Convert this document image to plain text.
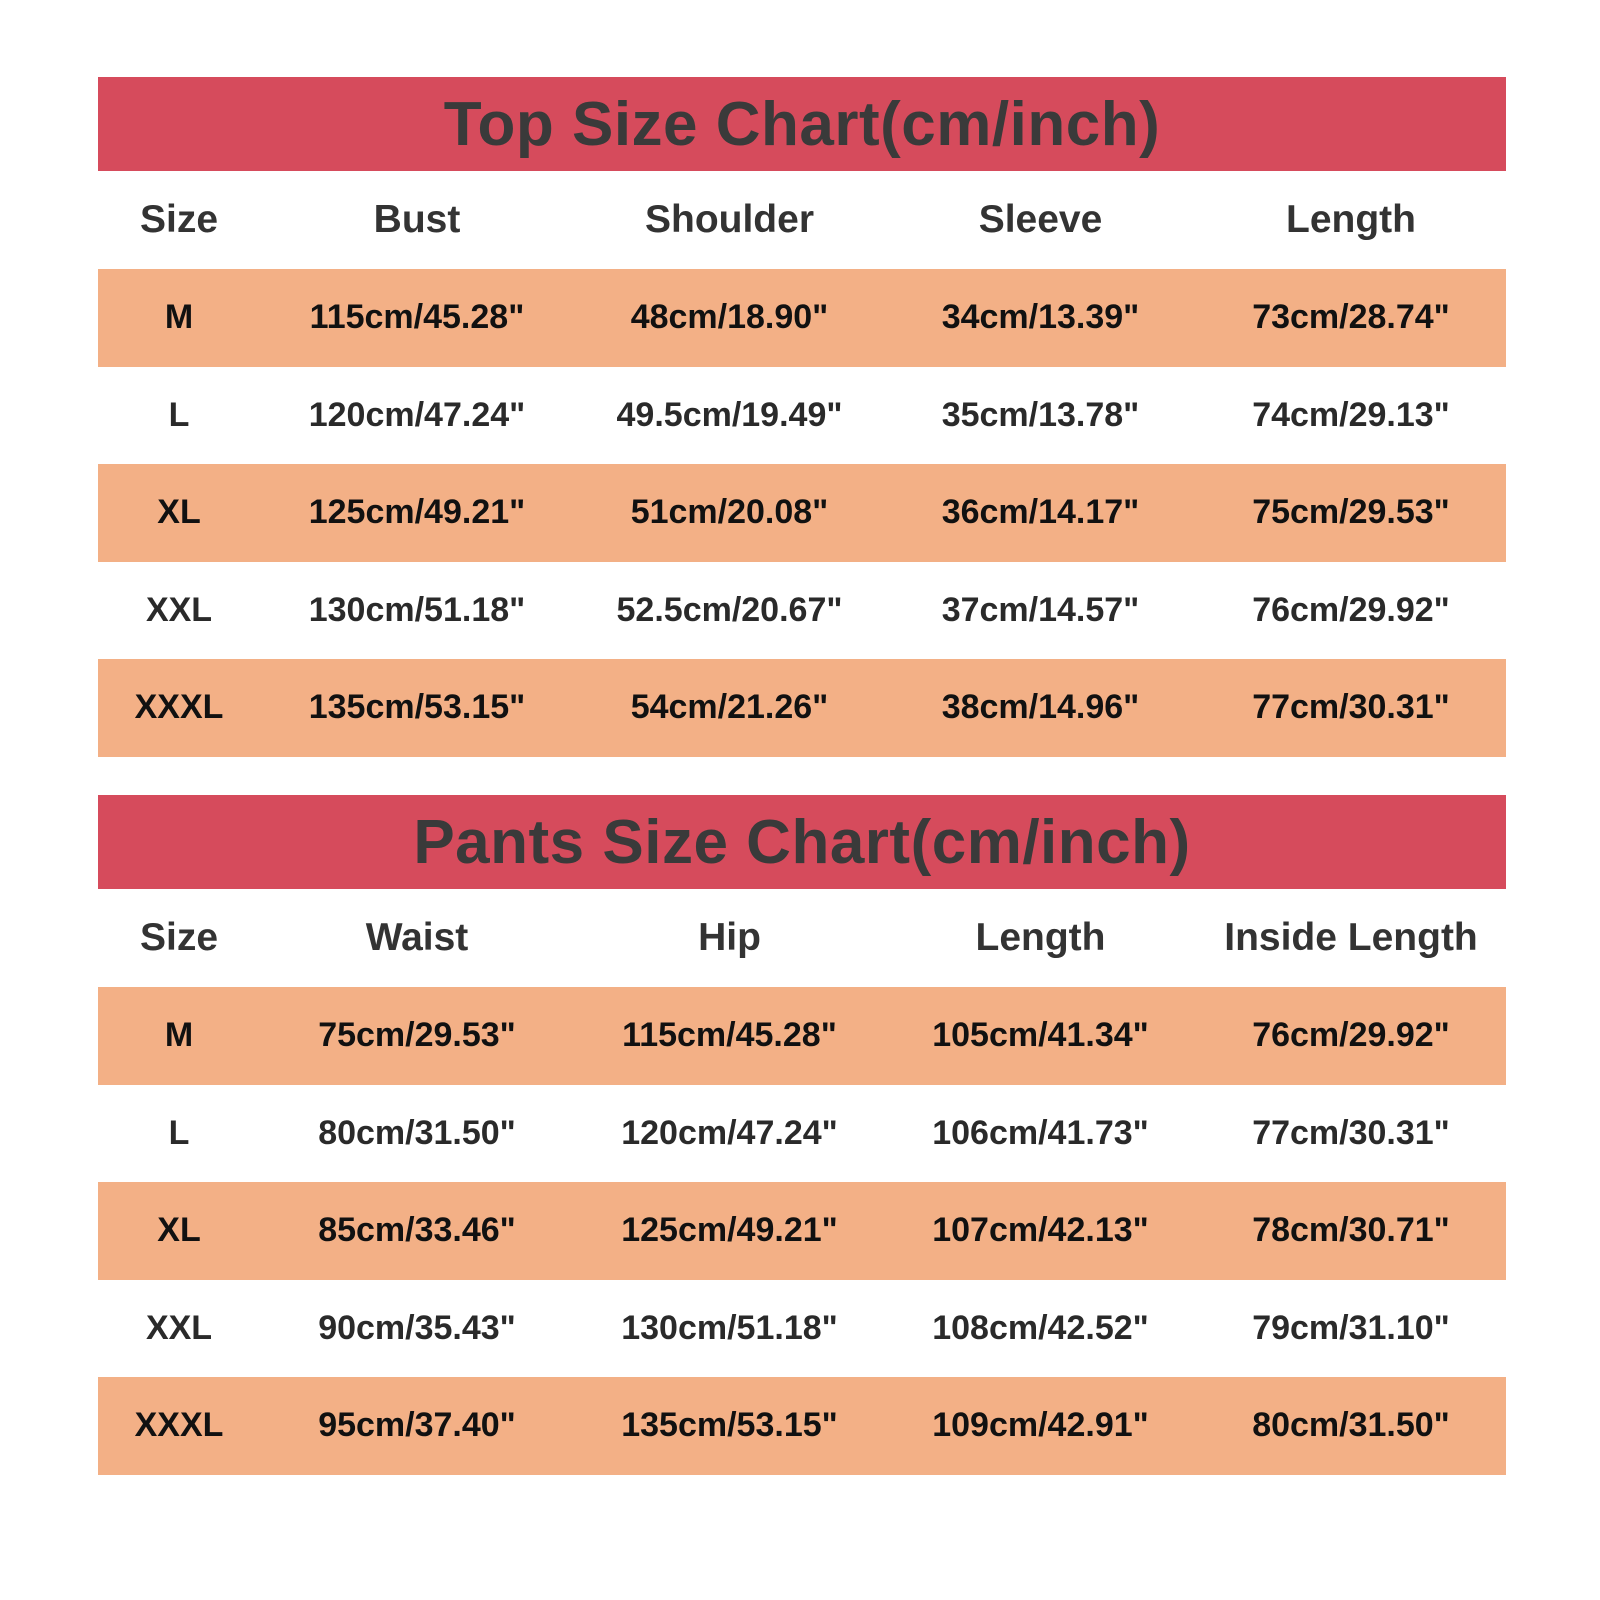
Top Size Chart(cm/inch)
Size	Bust	Shoulder	Sleeve	Length
M	115cm/45.28"	48cm/18.90"	34cm/13.39"	73cm/28.74"
L	120cm/47.24"	49.5cm/19.49"	35cm/13.78"	74cm/29.13"
XL	125cm/49.21"	51cm/20.08"	36cm/14.17"	75cm/29.53"
XXL	130cm/51.18"	52.5cm/20.67"	37cm/14.57"	76cm/29.92"
XXXL	135cm/53.15"	54cm/21.26"	38cm/14.96"	77cm/30.31"
Pants Size Chart(cm/inch)
Size	Waist	Hip	Length	Inside Length
M	75cm/29.53"	115cm/45.28"	105cm/41.34"	76cm/29.92"
L	80cm/31.50"	120cm/47.24"	106cm/41.73"	77cm/30.31"
XL	85cm/33.46"	125cm/49.21"	107cm/42.13"	78cm/30.71"
XXL	90cm/35.43"	130cm/51.18"	108cm/42.52"	79cm/31.10"
XXXL	95cm/37.40"	135cm/53.15"	109cm/42.91"	80cm/31.50"
